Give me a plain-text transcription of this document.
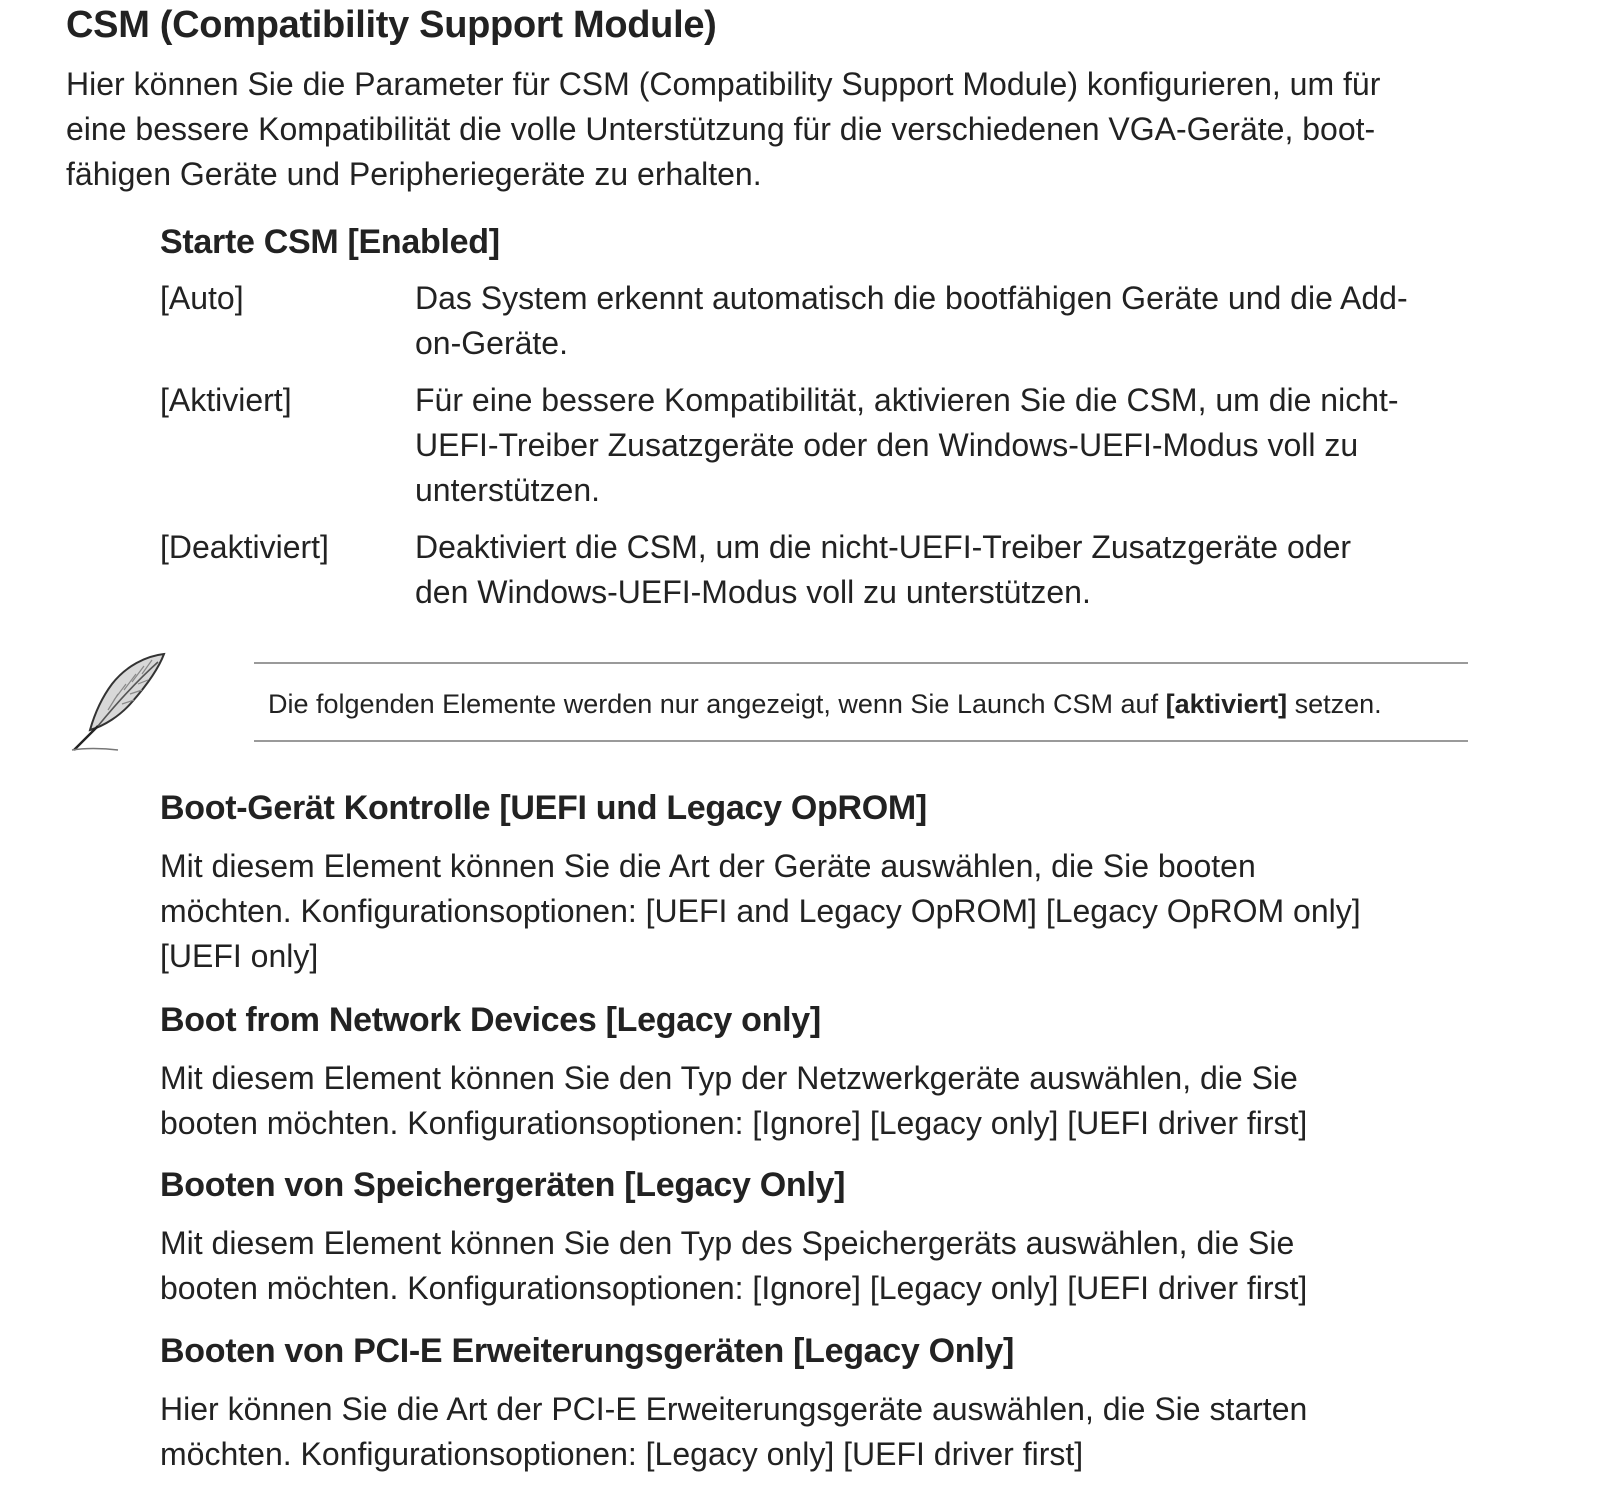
CSM (Compatibility Support Module)

Hier können Sie die Parameter für CSM (Compatibility Support Module) konfigurieren, um für
eine bessere Kompatibilität die volle Unterstützung für die verschiedenen VGA-Geräte, boot-
fähigen Geräte und Peripheriegeräte zu erhalten.

Starte CSM [Enabled]
[Auto]	Das System erkennt automatisch die bootfähigen Geräte und die Add-
on-Geräte.
[Aktiviert]	Für eine bessere Kompatibilität, aktivieren Sie die CSM, um die nicht-
UEFI-Treiber Zusatzgeräte oder den Windows-UEFI-Modus voll zu
unterstützen.
[Deaktiviert]	Deaktiviert die CSM, um die nicht-UEFI-Treiber Zusatzgeräte oder
den Windows-UEFI-Modus voll zu unterstützen.
Die folgenden Elemente werden nur angezeigt, wenn Sie Launch CSM auf [aktiviert] setzen.
Boot-Gerät Kontrolle [UEFI und Legacy OpROM]

Mit diesem Element können Sie die Art der Geräte auswählen, die Sie booten
möchten. Konfigurationsoptionen: [UEFI and Legacy OpROM] [Legacy OpROM only]
[UEFI only]

Boot from Network Devices [Legacy only]

Mit diesem Element können Sie den Typ der Netzwerkgeräte auswählen, die Sie
booten möchten. Konfigurationsoptionen: [Ignore] [Legacy only] [UEFI driver first]

Booten von Speichergeräten [Legacy Only]

Mit diesem Element können Sie den Typ des Speichergeräts auswählen, die Sie
booten möchten. Konfigurationsoptionen: [Ignore] [Legacy only] [UEFI driver first]

Booten von PCI-E Erweiterungsgeräten [Legacy Only]

Hier können Sie die Art der PCI-E Erweiterungsgeräte auswählen, die Sie starten
möchten. Konfigurationsoptionen: [Legacy only] [UEFI driver first]
